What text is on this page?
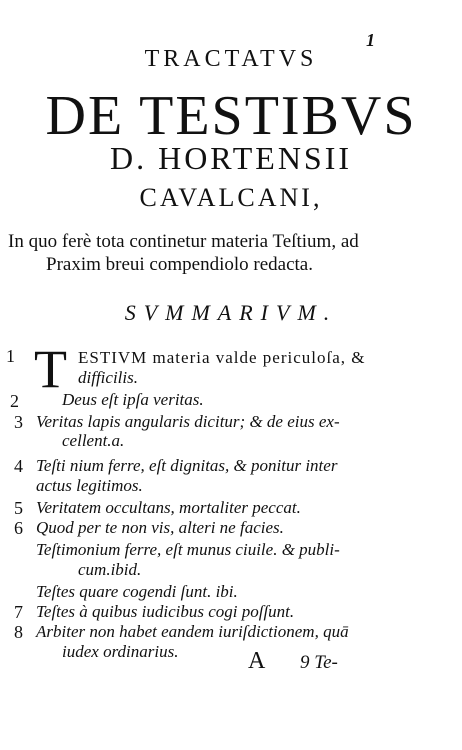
1
TRACTATVS
DE TESTIBVS
D. HORTENSII
CAVALCANI,
In quo ferè tota continetur materia Teſtium, ad
Praxim breui compendiolo redacta.
SVMMARIVM.
1 T ESTIVM materia valde periculoſa, &
difficilis.
2	Deus eſt ipſa veritas.
3 Veritas lapis angularis dicitur; & de eius ex-
cellent.a.
4 Teſti nium ferre, eſt dignitas, & ponitur inter
actus legitimos.
5 Veritatem occultans, mortaliter peccat.
6 Quod per te non vis, alteri ne facies.
Teſtimonium ferre, eſt munus ciuile. & publi-
cum.ibid.
Teſtes quare cogendi ſunt. ibi.
7 Teſtes à quibus iudicibus cogi poſſunt.
8 Arbiter non habet eandem iuriſdictionem, quā
iudex ordinarius.	A 9 Te-
